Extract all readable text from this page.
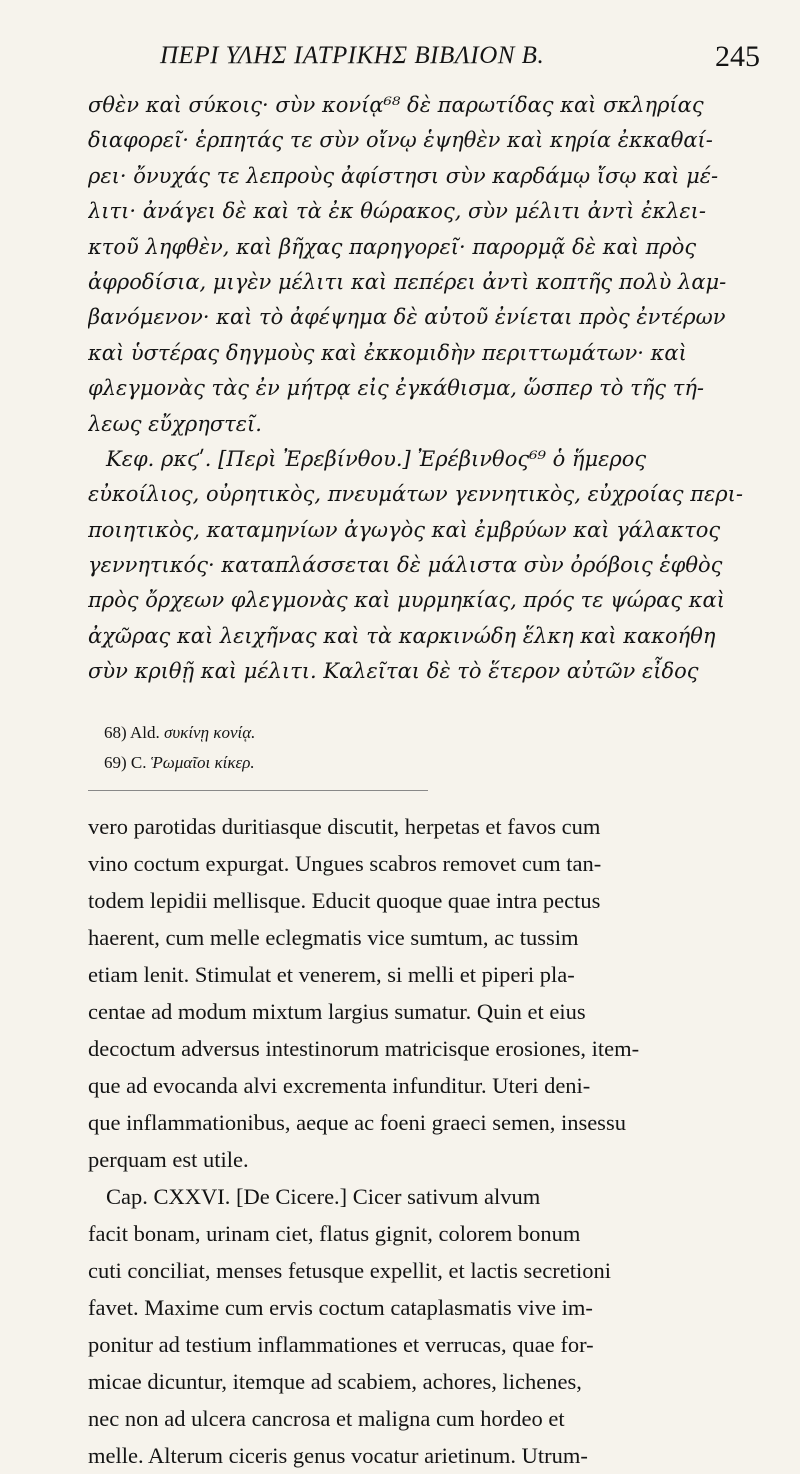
ΠΕΡΙ ΥΛΗΣ ΙΑΤΡΙΚΗΣ ΒΙΒΛΙΟΝ Β.	245
σθὲν καὶ σύκοις· σὺν κονίᾳ⁶⁸ δὲ παρωτίδας καὶ σκληρίας
διαφορεῖ· ἑρπητάς τε σὺν οἴνῳ ἑψηθὲν καὶ κηρία ἐκκαθαί-
ρει· ὄνυχάς τε λεπροὺς ἀφίστησι σὺν καρδάμῳ ἴσῳ καὶ μέ-
λιτι· ἀνάγει δὲ καὶ τὰ ἐκ θώρακος, σὺν μέλιτι ἀντὶ ἐκλει-
κτοῦ ληφθὲν, καὶ βῆχας παρηγορεῖ· παρορμᾷ δὲ καὶ πρὸς
ἀφροδίσια, μιγὲν μέλιτι καὶ πεπέρει ἀντὶ κοπτῆς πολὺ λαμ-
βανόμενον· καὶ τὸ ἀφέψημα δὲ αὐτοῦ ἐνίεται πρὸς ἐντέρων
καὶ ὑστέρας δηγμοὺς καὶ ἐκκομιδὴν περιττωμάτων· καὶ
φλεγμονὰς τὰς ἐν μήτρᾳ εἰς ἐγκάθισμα, ὥσπερ τὸ τῆς τή-
λεως εὔχρηστεῖ.
Κεφ. ρκϛʹ. [Περὶ Ἐρεβίνθου.] Ἐρέβινθος⁶⁹ ὁ ἥμερος
εὐκοίλιος, οὐρητικὸς, πνευμάτων γεννητικὸς, εὐχροίας περι-
ποιητικὸς, καταμηνίων ἀγωγὸς καὶ ἐμβρύων καὶ γάλακτος
γεννητικός· καταπλάσσεται δὲ μάλιστα σὺν ὀρόβοις ἑφθὸς
πρὸς ὄρχεων φλεγμονὰς καὶ μυρμηκίας, πρός τε ψώρας καὶ
ἀχῶρας καὶ λειχῆνας καὶ τὰ καρκινώδη ἕλκη καὶ κακοήθη
σὺν κριθῇ καὶ μέλιτι. Καλεῖται δὲ τὸ ἕτερον αὐτῶν εἶδος
68) Ald. συκίνῃ κονίᾳ.
69) C. Ῥωμαῖοι κίκερ.
vero parotidas duritiasque discutit, herpetas et favos cum
vino coctum expurgat. Ungues scabros removet cum tan-
todem lepidii mellisque. Educit quoque quae intra pectus
haerent, cum melle eclegmatis vice sumtum, ac tussim
etiam lenit. Stimulat et venerem, si melli et piperi pla-
centae ad modum mixtum largius sumatur. Quin et eius
decoctum adversus intestinorum matricisque erosiones, item-
que ad evocanda alvi excrementa infunditur. Uteri deni-
que inflammationibus, aeque ac foeni graeci semen, insessu
perquam est utile.
Cap. CXXVI. [De Cicere.] Cicer sativum alvum
facit bonam, urinam ciet, flatus gignit, colorem bonum
cuti conciliat, menses fetusque expellit, et lactis secretioni
favet. Maxime cum ervis coctum cataplasmatis vive im-
ponitur ad testium inflammationes et verrucas, quae for-
micae dicuntur, itemque ad scabiem, achores, lichenes,
nec non ad ulcera cancrosa et maligna cum hordeo et
melle. Alterum ciceris genus vocatur arietinum. Utrum-
